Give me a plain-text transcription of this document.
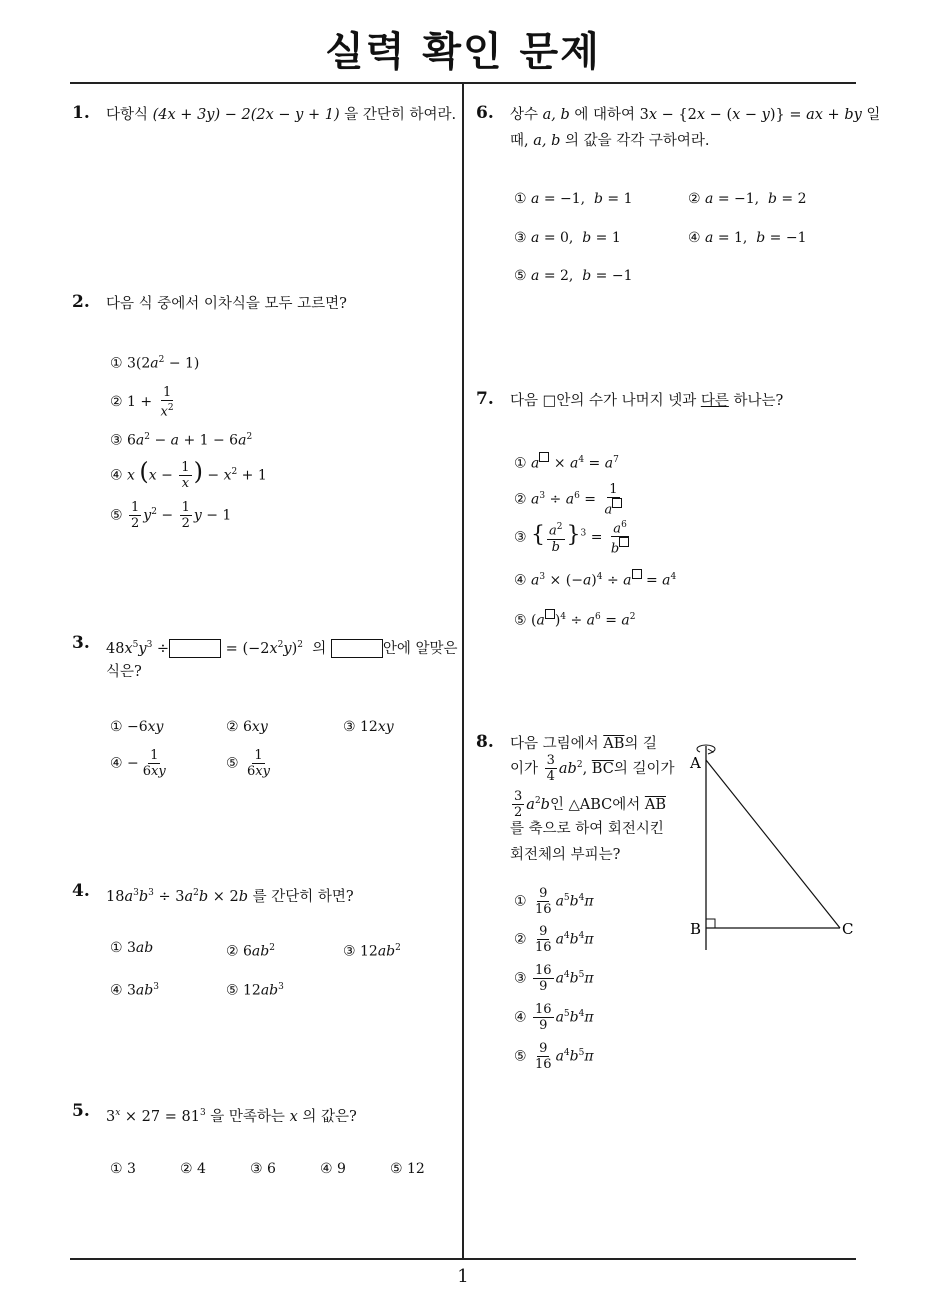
실력 확인 문제
1
1. 다항식 (4x + 3y) − 2(2x − y + 1) 을 간단히 하여라.
2. 다음 식 중에서 이차식을 모두 고르면?
① $3(2a^2 - 1)$
② $1 + \frac{1}{x^2}$
③ $6a^2 - a + 1 - 6a^2$
④ x ($x - \frac{1}{x}$ ) − $x^2 + 1$
⑤ $\frac{1}{2} y^2 - \frac{1}{2}$ y − 1
3. $48x^5y^3$ ÷	= $(-2x^2y)^2$  의	안에 알맞은
식은?
① −6xy	② 6xy	③ 12xy
④ − $\frac{1}{6xy}$	⑤ $\frac{1}{6xy}$
4. $18a^3b^3 \div 3a^2b \times 2b$ 를 간단히 하면?
① 3ab	② $6ab^2$	③ $12ab^2$
④ $3ab^3$	⑤ $12ab^3$
5. $3^x \times 27 = 81^3$ 을 만족하는 x 의 값은?
① 3	② 4	③ 6	④ 9	⑤ 12
6. 상수 a, b 에 대하여 3x − {2x − (x − y)} = ax + by 일
때, a, b 의 값을 각각 구하여라.
① a = −1,  b = 1	② a = −1,  b = 2
③ a = 0,  b = 1	④ a = 1,  b = −1
⑤ a = 2,  b = −1
7. 다음 □안의 수가 나머지 넷과 다른 하나는?
① $a \times a^4 = a^7$
② $a^3 \div a^6 = \frac{1}{a}$
③ { $\frac{a^2}{b} \}^3 = \frac{a^6}{b}$
④ $a^3 \times (-a)^4 \div a = a^4$
⑤ (a )$^4 \div a^6 = a^2$
8. 다음 그림에서 $\overline{AB}$의 길
이가 $\frac{3}{4} ab^2$, $\overline{BC}$의 길이가
$\frac{3}{2} a^2b$인 △ABC에서 $\overline{AB}$
를 축으로 하여 회전시킨
회전체의 부피는?
① $\frac{9}{16} a^5b^4\pi$
② $\frac{9}{16} a^4b^4\pi$
③ $\frac{16}{9} a^4b^5\pi$
④ $\frac{16}{9} a^5b^4\pi$
⑤ $\frac{9}{16} a^4b^5\pi$
A
B	C
